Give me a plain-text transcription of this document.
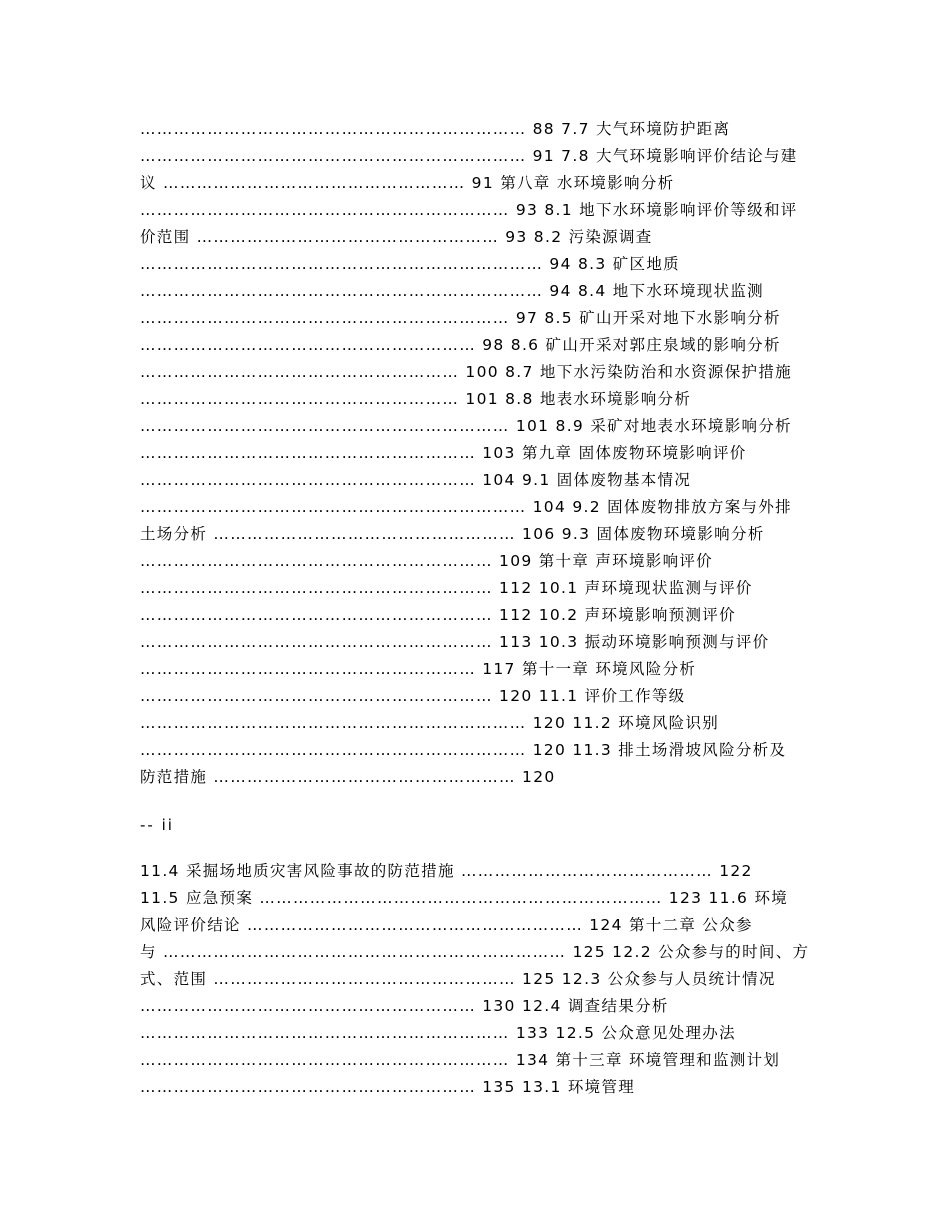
…………………………………………………………… 88 7.7 大气环境防护距离
…………………………………………………………… 91 7.8 大气环境影响评价结论与建
议 ……………………………………………… 91 第八章 水环境影响分析
………………………………………………………… 93 8.1 地下水环境影响评价等级和评
价范围 ……………………………………………… 93 8.2 污染源调查
……………………………………………………………… 94 8.3 矿区地质
……………………………………………………………… 94 8.4 地下水环境现状监测
………………………………………………………… 97 8.5 矿山开采对地下水影响分析
…………………………………………………… 98 8.6 矿山开采对郭庄泉域的影响分析
………………………………………………… 100 8.7 地下水污染防治和水资源保护措施
………………………………………………… 101 8.8 地表水环境影响分析
………………………………………………………… 101 8.9 采矿对地表水环境影响分析
…………………………………………………… 103 第九章 固体废物环境影响评价
…………………………………………………… 104 9.1 固体废物基本情况
…………………………………………………………… 104 9.2 固体废物排放方案与外排
土场分析 ……………………………………………… 106 9.3 固体废物环境影响分析
……………………………………………………… 109 第十章 声环境影响评价
……………………………………………………… 112 10.1 声环境现状监测与评价
……………………………………………………… 112 10.2 声环境影响预测评价
……………………………………………………… 113 10.3 振动环境影响预测与评价
…………………………………………………… 117 第十一章 环境风险分析
……………………………………………………… 120 11.1 评价工作等级
…………………………………………………………… 120 11.2 环境风险识别
…………………………………………………………… 120 11.3 排土场滑坡风险分析及
防范措施 ……………………………………………… 120
-- ii
11.4 采掘场地质灾害风险事故的防范措施 ……………………………………… 122
11.5 应急预案 ……………………………………………………………… 123 11.6 环境
风险评价结论 …………………………………………………… 124 第十二章 公众参
与 ……………………………………………………………… 125 12.2 公众参与的时间、方
式、范围 ……………………………………………… 125 12.3 公众参与人员统计情况
…………………………………………………… 130 12.4 调查结果分析
………………………………………………………… 133 12.5 公众意见处理办法
………………………………………………………… 134 第十三章 环境管理和监测计划
…………………………………………………… 135 13.1 环境管理
